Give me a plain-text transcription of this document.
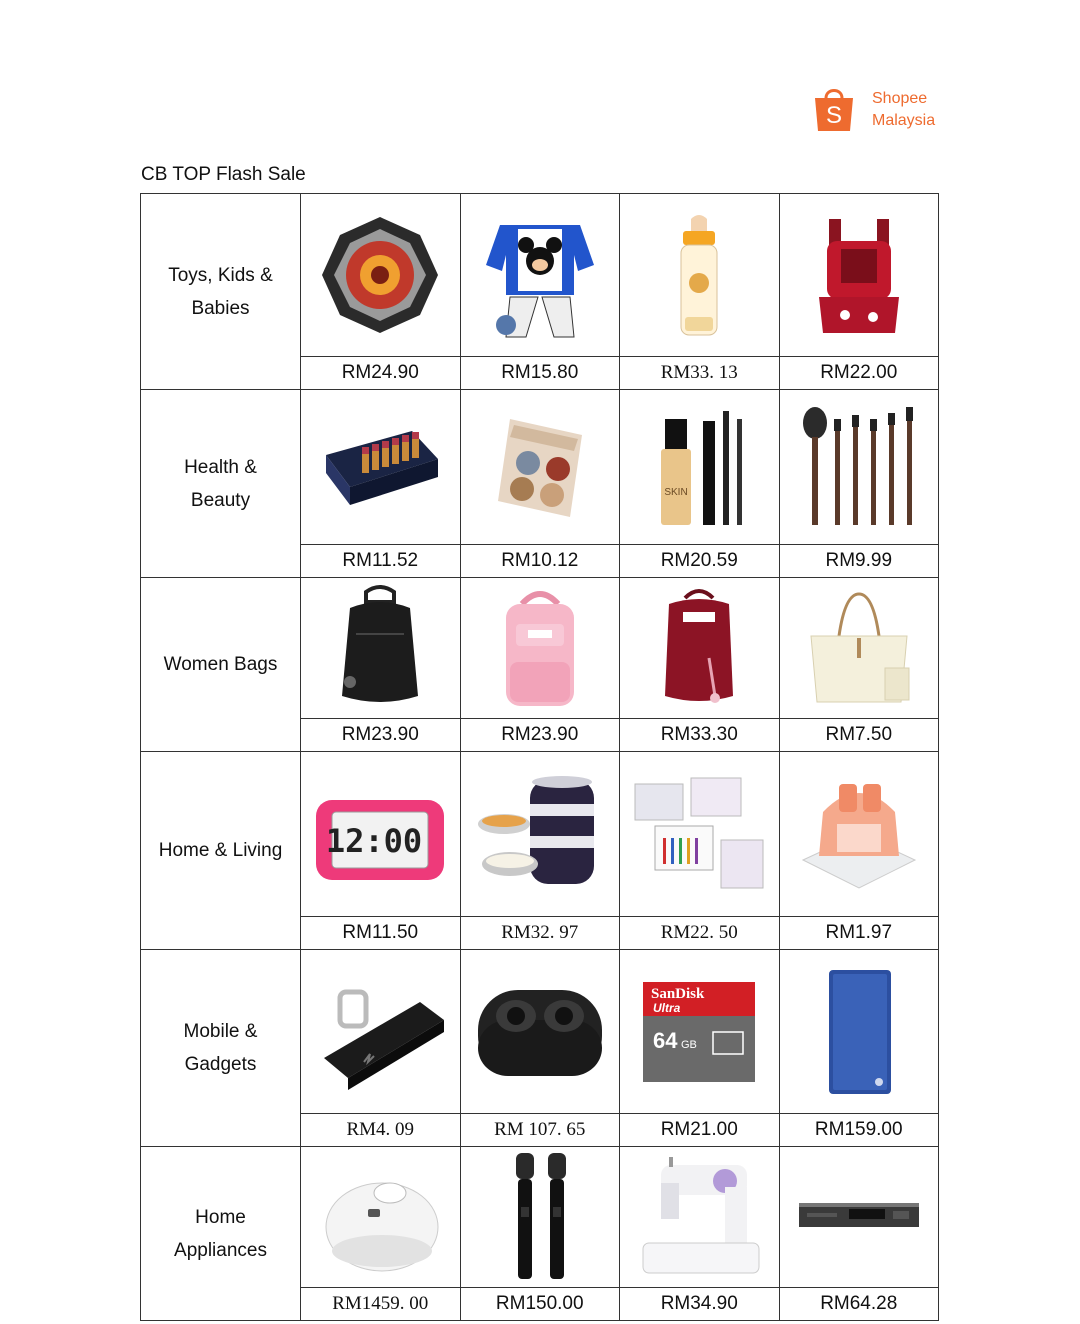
S
Shopee
Malaysia
CB TOP Flash Sale
Toys, Kids & Babies	

	RM24.90	RM15.80	RM33. 13	RM22.00
Health & Beauty			SKIN

	RM11.52	RM10.12	RM20.59	RM9.99
Women Bags	

	RM23.90	RM23.90	RM33.30	RM7.50
Home & Living	12:00

	RM11.50	RM32. 97	RM22. 50	RM1.97
Mobile & Gadgets			SanDisk
Ultra
64 GB

	RM4. 09	RM 107. 65	RM21.00	RM159.00
Home Appliances	

	RM1459. 00	RM150.00	RM34.90	RM64.28
